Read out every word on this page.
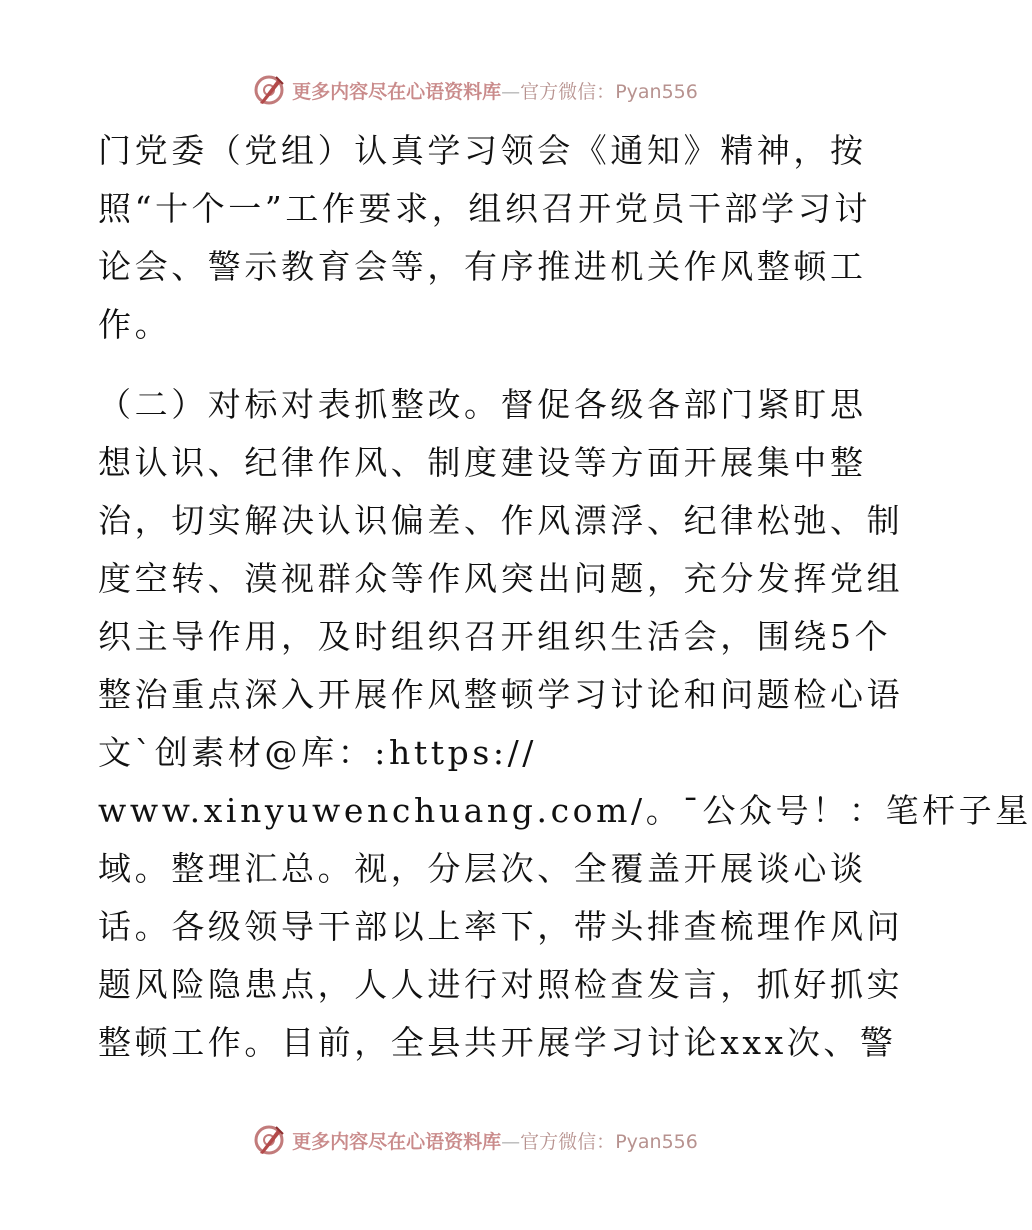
更多内容尽在心语资料库—官方微信：Pyan556
门党委（党组）认真学习领会《通知》精神，按
照“十个一”工作要求，组织召开党员干部学习讨
论会、警示教育会等，有序推进机关作风整顿工
作。
（二）对标对表抓整改。督促各级各部门紧盯思
想认识、纪律作风、制度建设等方面开展集中整
治，切实解决认识偏差、作风漂浮、纪律松弛、制
度空转、漠视群众等作风突出问题，充分发挥党组
织主导作用，及时组织召开组织生活会，围绕5个
整治重点深入开展作风整顿学习讨论和问题检心语
文`创素材@库：:https://
www.xinyuwenchuang.com/。¯公众号！：笔杆子星
域。整理汇总。视，分层次、全覆盖开展谈心谈
话。各级领导干部以上率下，带头排查梳理作风问
题风险隐患点，人人进行对照检查发言，抓好抓实
整顿工作。目前，全县共开展学习讨论xxx次、警
更多内容尽在心语资料库—官方微信：Pyan556
